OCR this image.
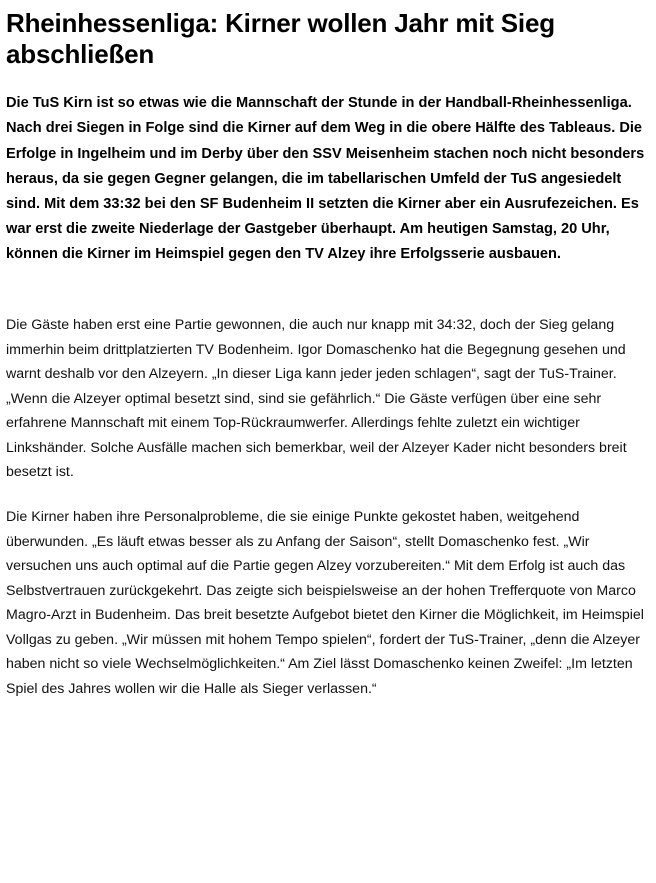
Rheinhessenliga: Kirner wollen Jahr mit Sieg abschließen

Die TuS Kirn ist so etwas wie die Mannschaft der Stunde in der Handball-Rheinhessenliga. Nach drei Siegen in Folge sind die Kirner auf dem Weg in die obere Hälfte des Tableaus. Die Erfolge in Ingelheim und im Derby über den SSV Meisenheim stachen noch nicht besonders heraus, da sie gegen Gegner gelangen, die im tabellarischen Umfeld der TuS angesiedelt sind. Mit dem 33:32 bei den SF Budenheim II setzten die Kirner aber ein Ausrufezeichen. Es war erst die zweite Niederlage der Gastgeber überhaupt. Am heutigen Samstag, 20 Uhr, können die Kirner im Heimspiel gegen den TV Alzey ihre Erfolgsserie ausbauen.

Die Gäste haben erst eine Partie gewonnen, die auch nur knapp mit 34:32, doch der Sieg gelang immerhin beim drittplatzierten TV Bodenheim. Igor Domaschenko hat die Begegnung gesehen und warnt deshalb vor den Alzeyern. „In dieser Liga kann jeder jeden schlagen“, sagt der TuS-Trainer. „Wenn die Alzeyer optimal besetzt sind, sind sie gefährlich.“ Die Gäste verfügen über eine sehr erfahrene Mannschaft mit einem Top-Rückraumwerfer. Allerdings fehlte zuletzt ein wichtiger Linkshänder. Solche Ausfälle machen sich bemerkbar, weil der Alzeyer Kader nicht besonders breit besetzt ist.

Die Kirner haben ihre Personalprobleme, die sie einige Punkte gekostet haben, weitgehend überwunden. „Es läuft etwas besser als zu Anfang der Saison“, stellt Domaschenko fest. „Wir versuchen uns auch optimal auf die Partie gegen Alzey vorzubereiten.“ Mit dem Erfolg ist auch das Selbstvertrauen zurückgekehrt. Das zeigte sich beispielsweise an der hohen Trefferquote von Marco Magro-Arzt in Budenheim. Das breit besetzte Aufgebot bietet den Kirner die Möglichkeit, im Heimspiel Vollgas zu geben. „Wir müssen mit hohem Tempo spielen“, fordert der TuS-Trainer, „denn die Alzeyer haben nicht so viele Wechselmöglichkeiten.“ Am Ziel lässt Domaschenko keinen Zweifel: „Im letzten Spiel des Jahres wollen wir die Halle als Sieger verlassen.“
